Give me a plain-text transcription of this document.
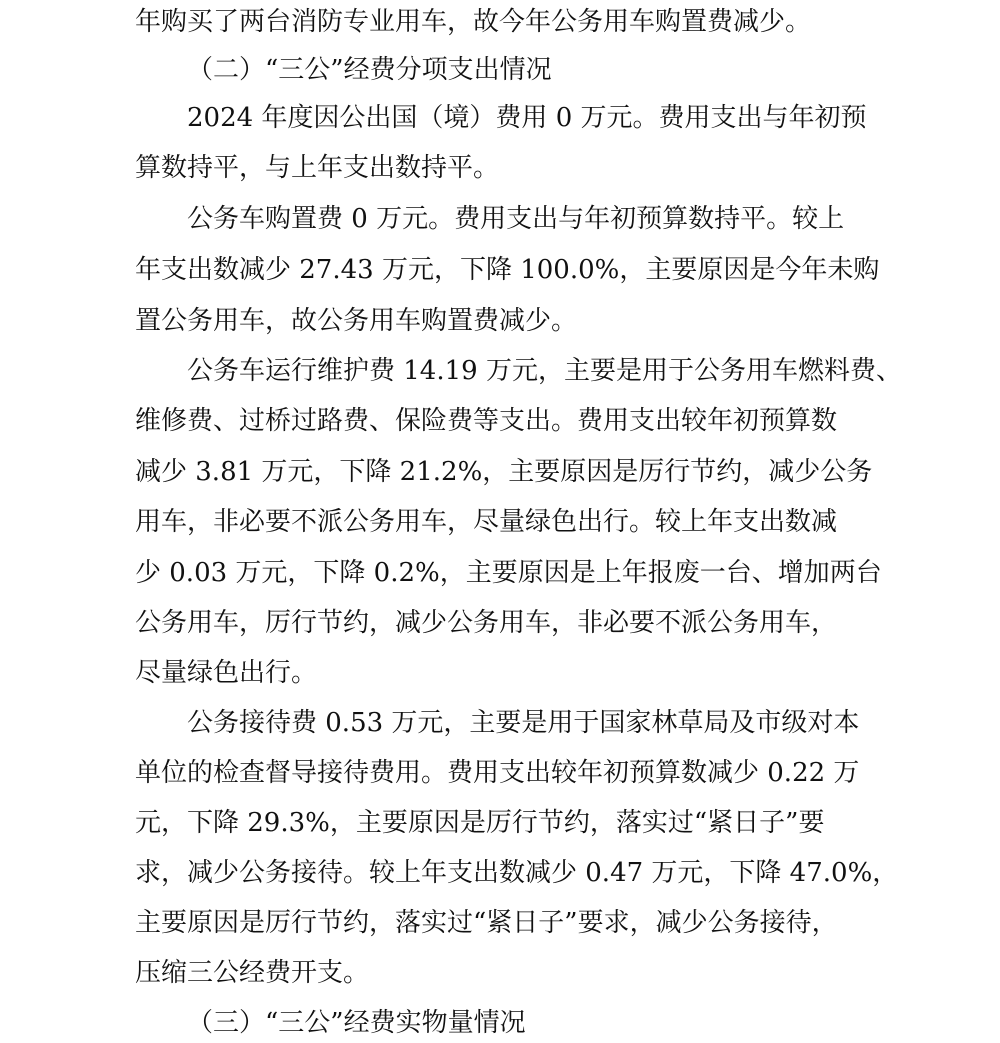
年购买了两台消防专业用车，故今年公务用车购置费减少。
（二）“三公”经费分项支出情况
2024 年度因公出国（境）费用 0 万元。费用支出与年初预
算数持平，与上年支出数持平。
公务车购置费 0 万元。费用支出与年初预算数持平。较上
年支出数减少 27.43 万元，下降 100.0%，主要原因是今年未购
置公务用车，故公务用车购置费减少。
公务车运行维护费 14.19 万元，主要是用于公务用车燃料费、
维修费、过桥过路费、保险费等支出。费用支出较年初预算数
减少 3.81 万元，下降 21.2%，主要原因是厉行节约，减少公务
用车，非必要不派公务用车，尽量绿色出行。较上年支出数减
少 0.03 万元，下降 0.2%，主要原因是上年报废一台、增加两台
公务用车，厉行节约，减少公务用车，非必要不派公务用车，
尽量绿色出行。
公务接待费 0.53 万元，主要是用于国家林草局及市级对本
单位的检查督导接待费用。费用支出较年初预算数减少 0.22 万
元，下降 29.3%，主要原因是厉行节约，落实过“紧日子”要
求，减少公务接待。较上年支出数减少 0.47 万元，下降 47.0%，
主要原因是厉行节约，落实过“紧日子”要求，减少公务接待，
压缩三公经费开支。
（三）“三公”经费实物量情况
